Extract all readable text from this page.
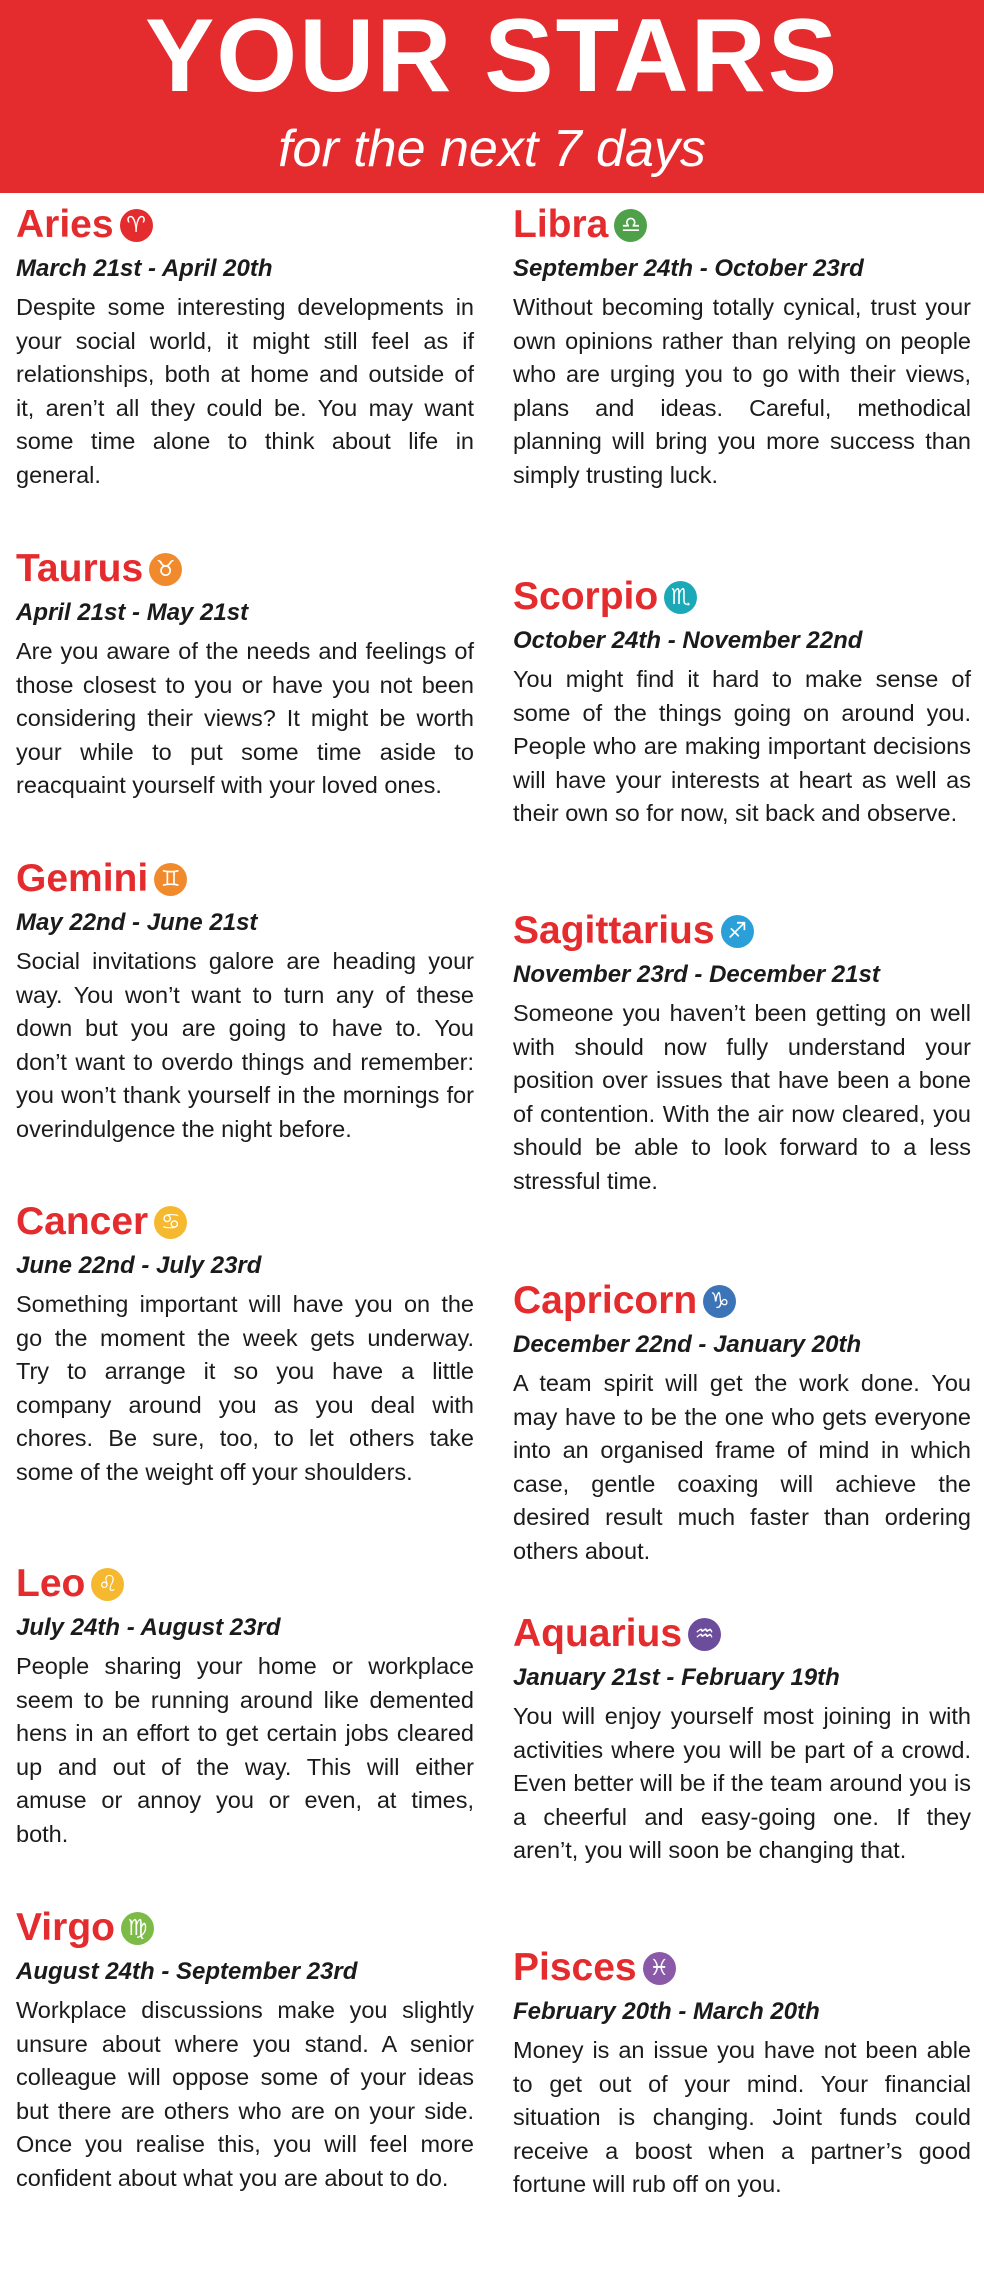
YOUR STARS
for the next 7 days
Aries ♈
March 21st - April 20th

Despite some interesting developments in your social world, it might still feel as if relationships, both at home and outside of it, aren’t all they could be. You may want some time alone to think about life in general.

Taurus ♉
April 21st - May 21st

Are you aware of the needs and feelings of those closest to you or have you not been considering their views? It might be worth your while to put some time aside to reacquaint yourself with your loved ones.

Gemini ♊
May 22nd - June 21st

Social invitations galore are heading your way. You won’t want to turn any of these down but you are going to have to. You don’t want to overdo things and remember: you won’t thank yourself in the mornings for overindulgence the night before.

Cancer ♋
June 22nd - July 23rd

Something important will have you on the go the moment the week gets underway. Try to arrange it so you have a little company around you as you deal with chores. Be sure, too, to let others take some of the weight off your shoulders.

Leo ♌
July 24th - August 23rd

People sharing your home or workplace seem to be running around like demented hens in an effort to get certain jobs cleared up and out of the way. This will either amuse or annoy you or even, at times, both.

Virgo ♍
August 24th - September 23rd

Workplace discussions make you slightly unsure about where you stand. A senior colleague will oppose some of your ideas but there are others who are on your side. Once you realise this, you will feel more confident about what you are about to do.

Libra ♎
September 24th - October 23rd

Without becoming totally cynical, trust your own opinions rather than relying on people who are urging you to go with their views, plans and ideas. Careful, methodical planning will bring you more success than simply trusting luck.

Scorpio ♏
October 24th - November 22nd

You might find it hard to make sense of some of the things going on around you. People who are making important decisions will have your interests at heart as well as their own so for now, sit back and observe.

Sagittarius ♐
November 23rd - December 21st

Someone you haven’t been getting on well with should now fully understand your position over issues that have been a bone of contention. With the air now cleared, you should be able to look forward to a less stressful time.

Capricorn ♑
December 22nd - January 20th

A team spirit will get the work done. You may have to be the one who gets everyone into an organised frame of mind in which case, gentle coaxing will achieve the desired result much faster than ordering others about.

Aquarius ♒
January 21st - February 19th

You will enjoy yourself most joining in with activities where you will be part of a crowd. Even better will be if the team around you is a cheerful and easy-going one. If they aren’t, you will soon be changing that.

Pisces ♓
February 20th - March 20th

Money is an issue you have not been able to get out of your mind. Your financial situation is changing. Joint funds could receive a boost when a partner’s good fortune will rub off on you.
